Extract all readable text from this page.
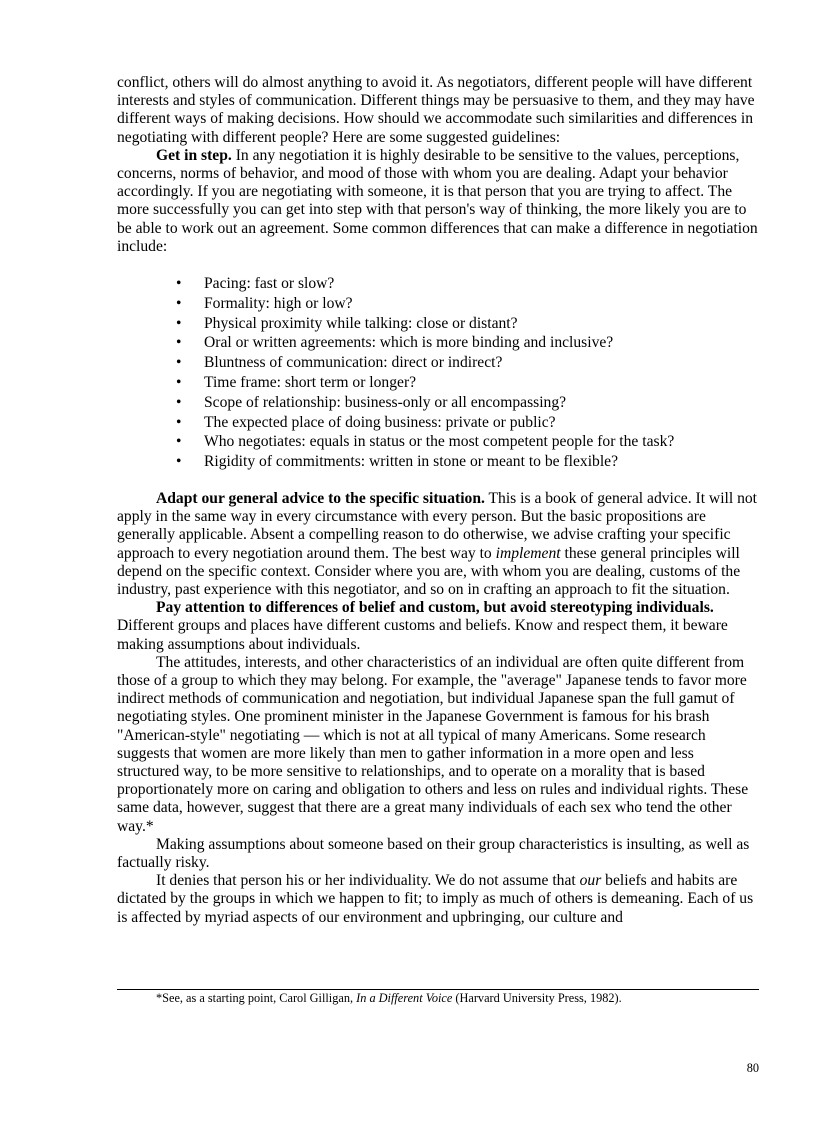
conflict, others will do almost anything to avoid it. As negotiators, different people will have different interests and styles of communication. Different things may be persuasive to them, and they may have different ways of making decisions. How should we accommodate such similarities and differences in negotiating with different people? Here are some suggested guidelines:

Get in step. In any negotiation it is highly desirable to be sensitive to the values, perceptions, concerns, norms of behavior, and mood of those with whom you are dealing. Adapt your behavior accordingly. If you are negotiating with someone, it is that person that you are trying to affect. The more successfully you can get into step with that person's way of thinking, the more likely you are to be able to work out an agreement. Some common differences that can make a difference in negotiation include:

• Pacing: fast or slow?
• Formality: high or low?
• Physical proximity while talking: close or distant?
• Oral or written agreements: which is more binding and inclusive?
• Bluntness of communication: direct or indirect?
• Time frame: short term or longer?
• Scope of relationship: business-only or all encompassing?
• The expected place of doing business: private or public?
• Who negotiates: equals in status or the most competent people for the task?
• Rigidity of commitments: written in stone or meant to be flexible?

Adapt our general advice to the specific situation. This is a book of general advice. It will not apply in the same way in every circumstance with every person. But the basic propositions are generally applicable. Absent a compelling reason to do otherwise, we advise crafting your specific approach to every negotiation around them. The best way to implement these general principles will depend on the specific context. Consider where you are, with whom you are dealing, customs of the industry, past experience with this negotiator, and so on in crafting an approach to fit the situation.

Pay attention to differences of belief and custom, but avoid stereotyping individuals. Different groups and places have different customs and beliefs. Know and respect them, it beware making assumptions about individuals.

The attitudes, interests, and other characteristics of an individual are often quite different from those of a group to which they may belong. For example, the "average" Japanese tends to favor more indirect methods of communication and negotiation, but individual Japanese span the full gamut of negotiating styles. One prominent minister in the Japanese Government is famous for his brash "American-style" negotiating — which is not at all typical of many Americans. Some research suggests that women are more likely than men to gather information in a more open and less structured way, to be more sensitive to relationships, and to operate on a morality that is based proportionately more on caring and obligation to others and less on rules and individual rights. These same data, however, suggest that there are a great many individuals of each sex who tend the other way.*

Making assumptions about someone based on their group characteristics is insulting, as well as factually risky.

It denies that person his or her individuality. We do not assume that our beliefs and habits are dictated by the groups in which we happen to fit; to imply as much of others is demeaning. Each of us is affected by myriad aspects of our environment and upbringing, our culture and

*See, as a starting point, Carol Gilligan, In a Different Voice (Harvard University Press, 1982).
80
